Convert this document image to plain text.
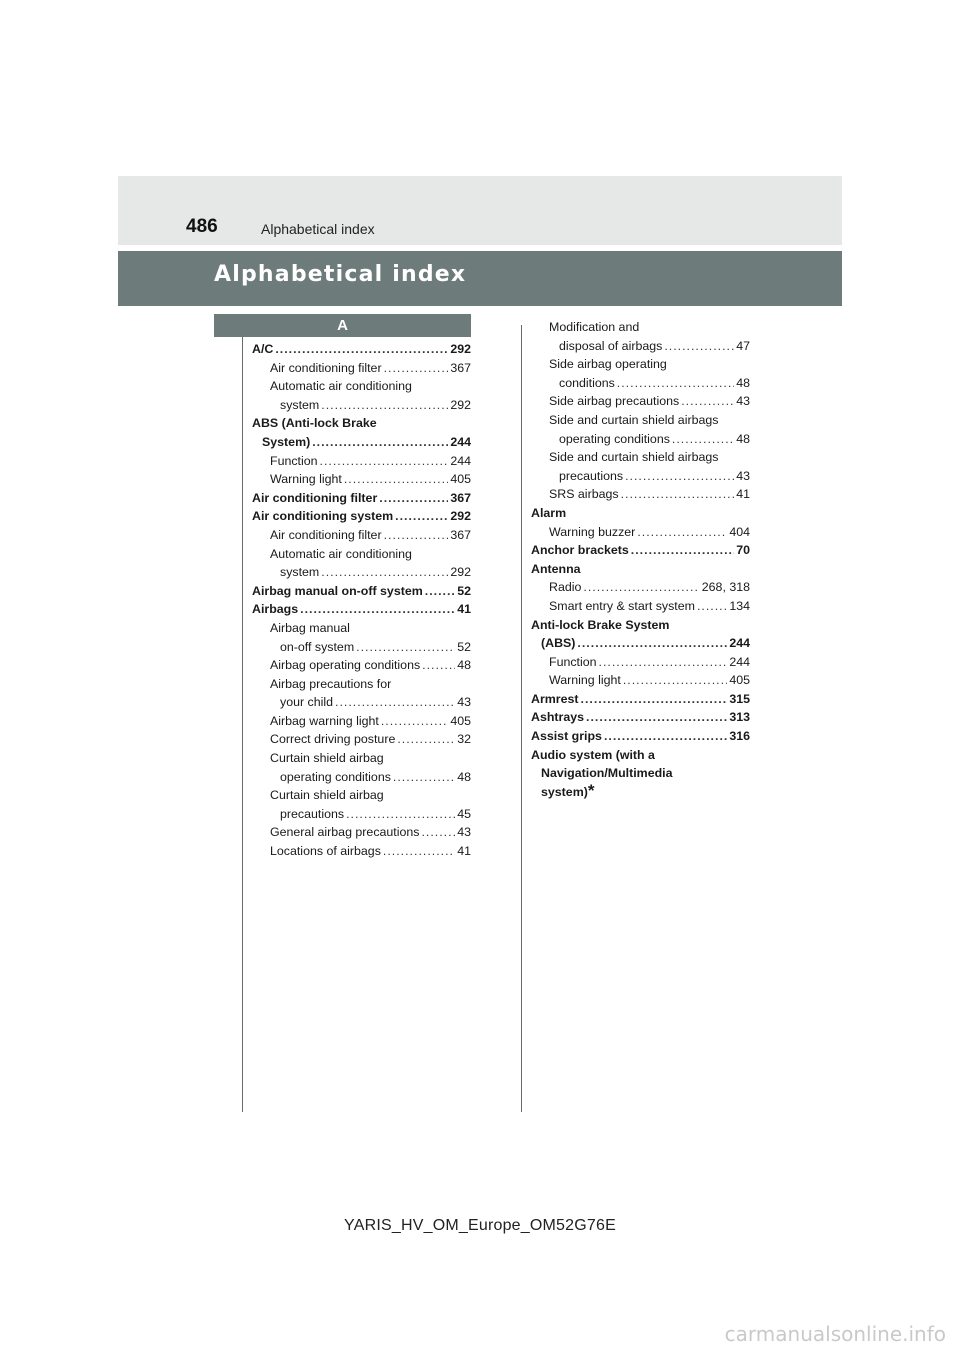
486	Alphabetical index
Alphabetical index
A
A/C .....	292
Air conditioning filter .....	367
Automatic air conditioning
system .....	292
ABS (Anti-lock Brake
System) .....	244
Function .....	244
Warning light .....	405
Air conditioning filter .....	367
Air conditioning system .....	292
Air conditioning filter .....	367
Automatic air conditioning
system .....	292
Airbag manual on-off system .....	52
Airbags .....	41
Airbag manual
on-off system .....	52
Airbag operating conditions .....	48
Airbag precautions for
your child .....	43
Airbag warning light .....	405
Correct driving posture .....	32
Curtain shield airbag
operating conditions .....	48
Curtain shield airbag
precautions .....	45
General airbag precautions .....	43
Locations of airbags .....	41
Modification and
disposal of airbags .....	47
Side airbag operating
conditions .....	48
Side airbag precautions .....	43
Side and curtain shield airbags
operating conditions .....	48
Side and curtain shield airbags
precautions .....	43
SRS airbags .....	41
Alarm
Warning buzzer .....	404
Anchor brackets .....	70
Antenna
Radio .....	268, 318
Smart entry & start system .....	134
Anti-lock Brake System
(ABS) .....	244
Function .....	244
Warning light .....	405
Armrest .....	315
Ashtrays .....	313
Assist grips .....	316
Audio system (with a
Navigation/Multimedia
system) *
YARIS_HV_OM_Europe_OM52G76E
carmanualsonline.info
